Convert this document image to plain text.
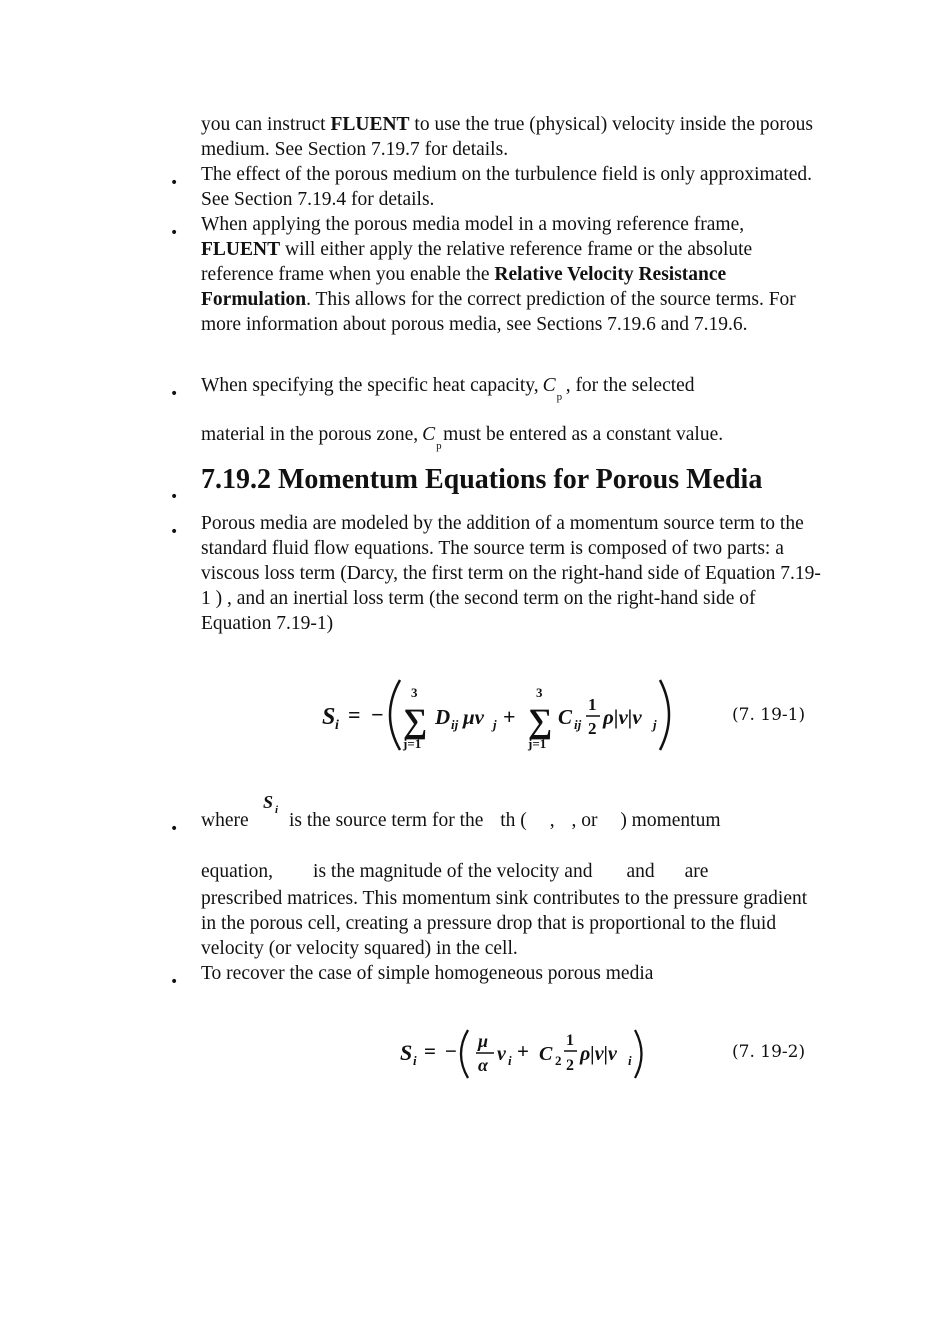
you can instruct FLUENT to use the true (physical) velocity inside the porous medium. See Section 7.19.7 for details.
• The effect of the porous medium on the turbulence field is only approximated. See Section 7.19.4 for details.
• When applying the porous media model in a moving reference frame, FLUENT will either apply the relative reference frame or the absolute reference frame when you enable the Relative Velocity Resistance Formulation. This allows for the correct prediction of the source terms. For more information about porous media, see Sections 7.19.6 and 7.19.6.
• When specifying the specific heat capacity, C
p
, for the selected
material in the porous zone, C
p
must be entered as a constant value.
•
7.19.2 Momentum Equations for Porous Media
• Porous media are modeled by the addition of a momentum source term to the standard fluid flow equations. The source term is composed of two parts: a viscous loss term (Darcy, the first term on the right-hand side of Equation 7.19-1 ) , and an inertial loss term (the second term on the right-hand side of Equation 7.19-1)
S i = −
3
∑
j=1
D ij μv j +
3
∑
j=1
C ij
1
2 ρ|v|v j	(7. 19-1)
• where
S i is the source term for the th ( , , or ) momentum
equation, is the magnitude of the velocity and and are
prescribed matrices. This momentum sink contributes to the pressure gradient in the porous cell, creating a pressure drop that is proportional to the fluid velocity (or velocity squared) in the cell.
• To recover the case of simple homogeneous porous media
S i = − μ
α v i + C 2
1
2
ρ|v|v i	(7. 19-2)
